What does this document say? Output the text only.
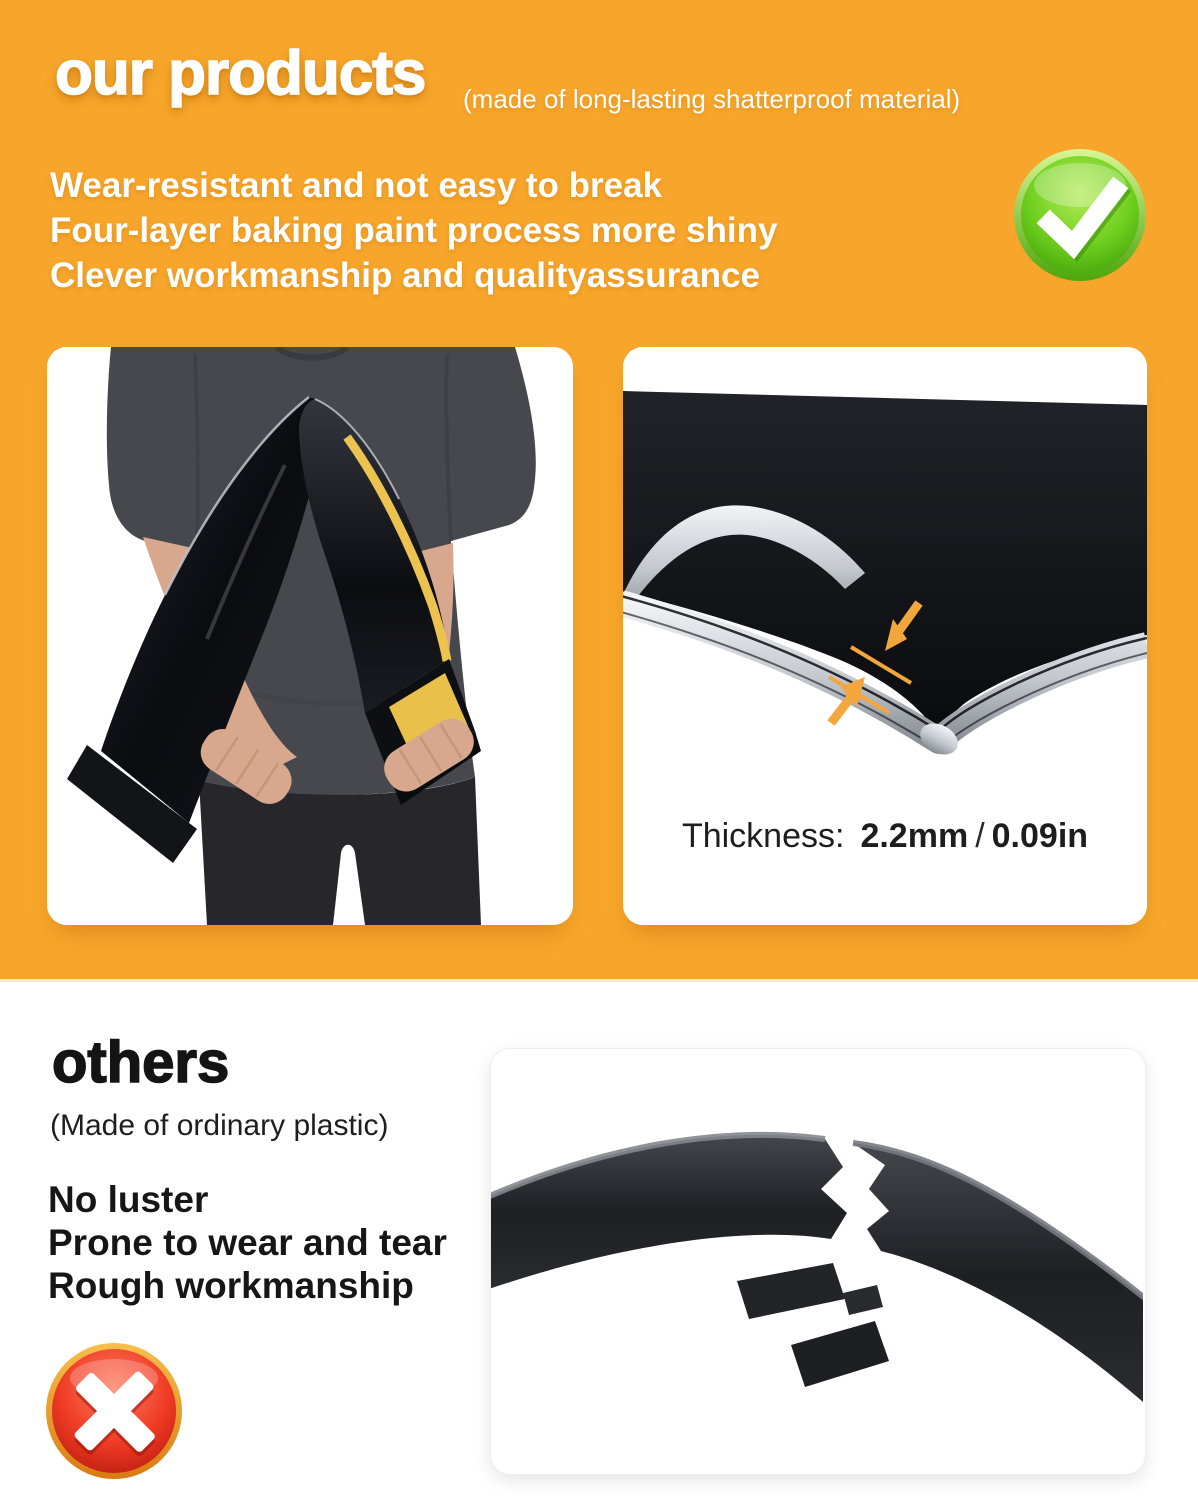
our products (made of long-lasting shatterproof material)
Wear-resistant and not easy to break
Four-layer baking paint process more shiny
Clever workmanship and qualityassurance
Thickness: 2.2mm / 0.09in
others
(Made of ordinary plastic)
No luster
Prone to wear and tear
Rough workmanship
